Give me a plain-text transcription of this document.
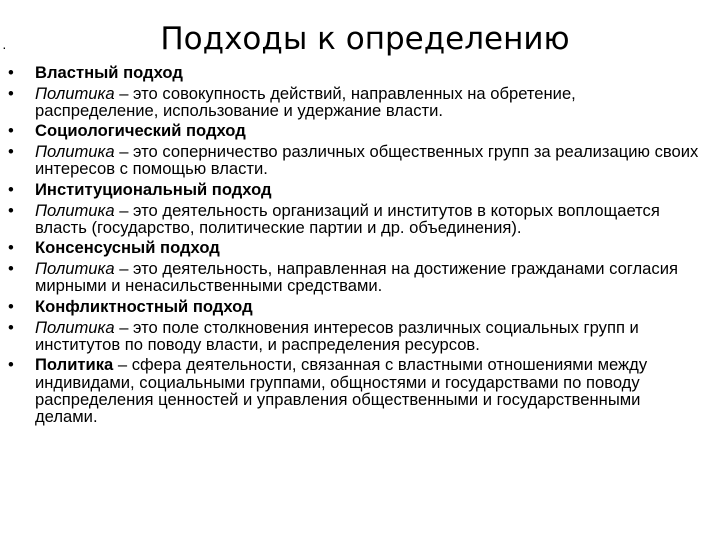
·	Подходы к определению
• Властный подход
• Политика – это совокупность действий, направленных на обретение, распределение, использование и удержание власти.
• Социологический подход
• Политика – это соперничество различных общественных групп за реализацию своих интересов с помощью власти.
• Институциональный подход
• Политика – это деятельность организаций и институтов в которых воплощается власть (государство, политические партии и др. объединения).
• Консенсусный подход
• Политика – это деятельность, направленная на достижение гражданами согласия мирными и ненасильственными средствами.
• Конфликтностный подход
• Политика – это поле столкновения интересов различных социальных групп и институтов по поводу власти, и распределения ресурсов.
• Политика – сфера деятельности, связанная с властными отношениями между индивидами, социальными группами, общностями и государствами по поводу распределения ценностей и управления общественными и государственными делами.
